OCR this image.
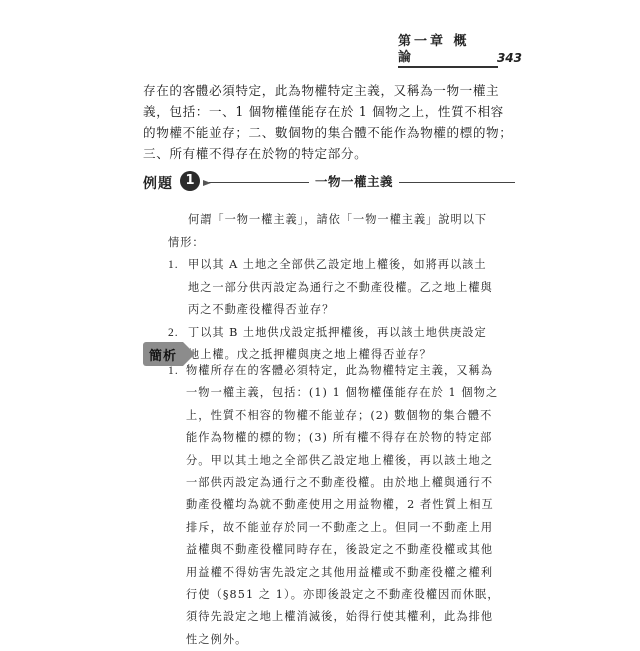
第一章 概 論	343

存在的客體必須特定，此為物權特定主義，又稱為一物一權主義，包括：一、1 個物權僅能存在於 1 個物之上，性質不相容的物權不能並存；二、數個物的集合體不能作為物權的標的物；三、所有權不得存在於物的特定部分。

例題 1	一物一權主義

何謂「一物一權主義」，請依「一物一權主義」說明以下情形：

1. 甲以其 A 土地之全部供乙設定地上權後，如將再以該土地之一部分供丙設定為通行之不動產役權。乙之地上權與丙之不動產役權得否並存？

2. 丁以其 B 土地供戊設定抵押權後，再以該土地供庚設定地上權。戊之抵押權與庚之地上權得否並存？

簡析

1. 物權所存在的客體必須特定，此為物權特定主義，又稱為一物一權主義，包括：(1) 1 個物權僅能存在於 1 個物之上，性質不相容的物權不能並存；(2) 數個物的集合體不能作為物權的標的物；(3) 所有權不得存在於物的特定部分。甲以其土地之全部供乙設定地上權後，再以該土地之一部供丙設定為通行之不動產役權。由於地上權與通行不動產役權均為就不動產使用之用益物權，2 者性質上相互排斥，故不能並存於同一不動產之上。但同一不動產上用益權與不動產役權同時存在，後設定之不動產役權或其他用益權不得妨害先設定之其他用益權或不動產役權之權利行使（§851 之 1）。亦即後設定之不動產役權因而休眠，須待先設定之地上權消滅後，始得行使其權利，此為排他性之例外。
